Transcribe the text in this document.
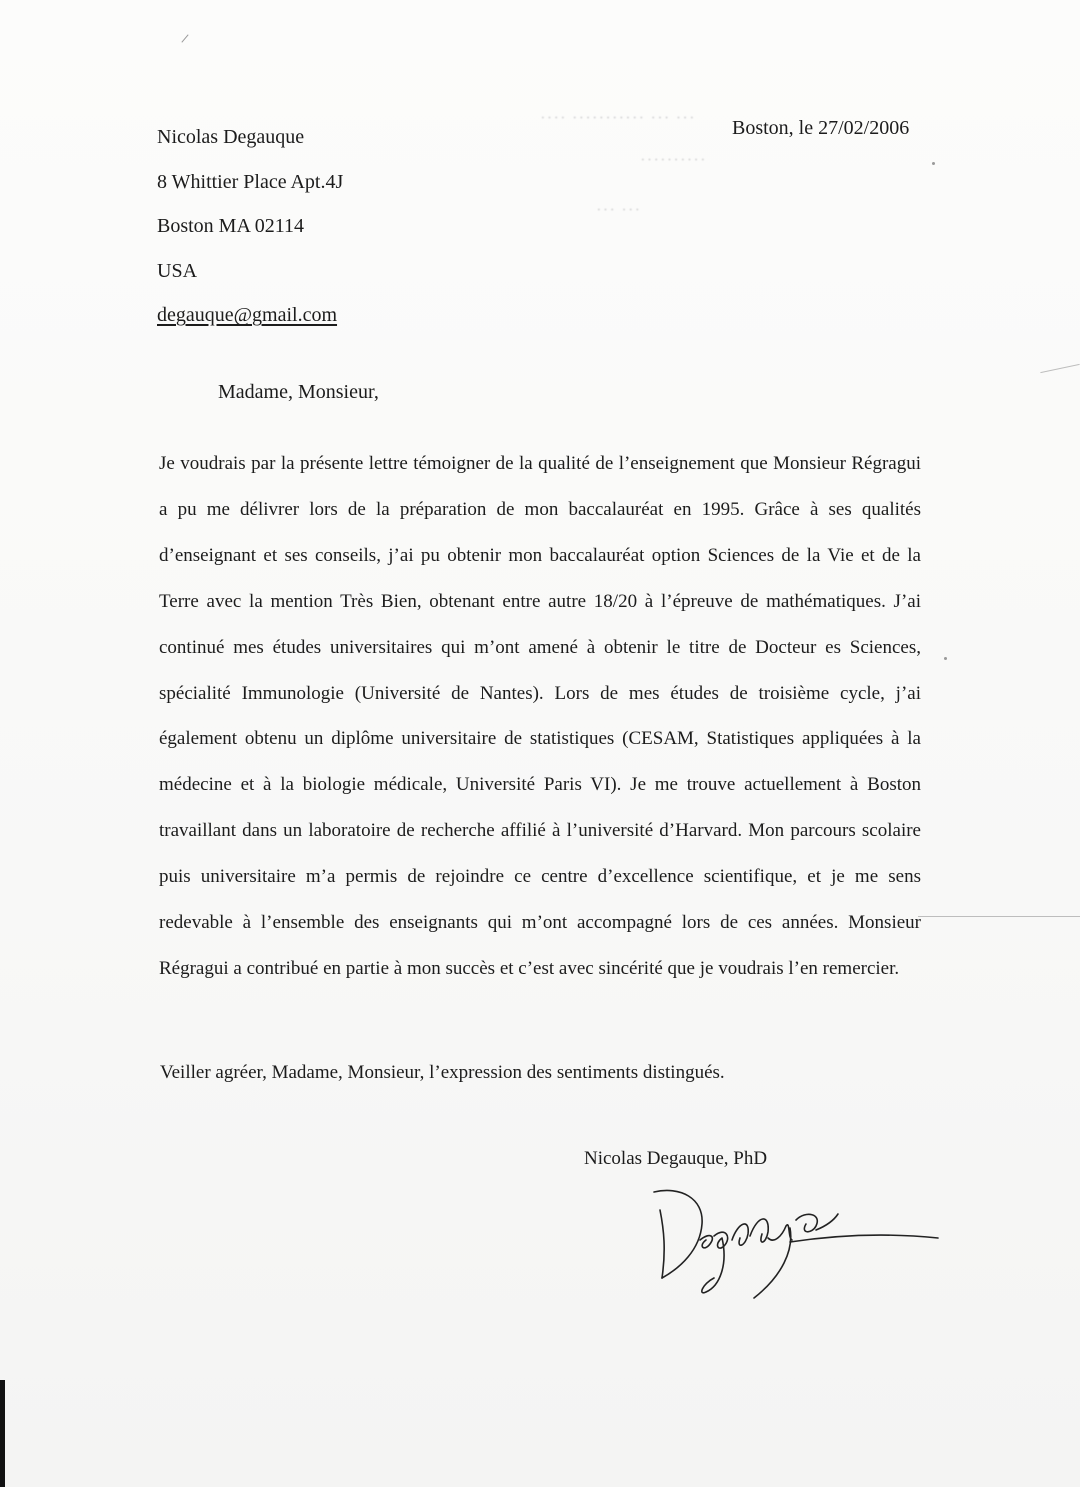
···· ··········· ··· ···
··········
··· ···
Nicolas Degauque
8 Whittier Place Apt.4J
Boston MA 02114
USA
degauque@gmail.com
Boston, le 27/02/2006
Madame, Monsieur,
Je voudrais par la présente lettre témoigner de la qualité de l’enseignement que Monsieur Régragui a pu me délivrer lors de la préparation de mon baccalauréat en 1995. Grâce à ses qualités d’enseignant et ses conseils, j’ai pu obtenir mon baccalauréat option Sciences de la Vie et de la Terre avec la mention Très Bien, obtenant entre autre 18/20 à l’épreuve de mathématiques. J’ai continué mes études universitaires qui m’ont amené à obtenir le titre de Docteur es Sciences, spécialité Immunologie (Université de Nantes). Lors de mes études de troisième cycle, j’ai également obtenu un diplôme universitaire de statistiques (CESAM, Statistiques appliquées à la médecine et à la biologie médicale, Université Paris VI). Je me trouve actuellement à Boston travaillant dans un laboratoire de recherche affilié à l’université d’Harvard. Mon parcours scolaire puis universitaire m’a permis de rejoindre ce centre d’excellence scientifique, et je me sens redevable à l’ensemble des enseignants qui m’ont accompagné lors de ces années. Monsieur Régragui a contribué en partie à mon succès et c’est avec sincérité que je voudrais l’en remercier.
Veiller agréer, Madame, Monsieur, l’expression des sentiments distingués.
Nicolas Degauque, PhD
